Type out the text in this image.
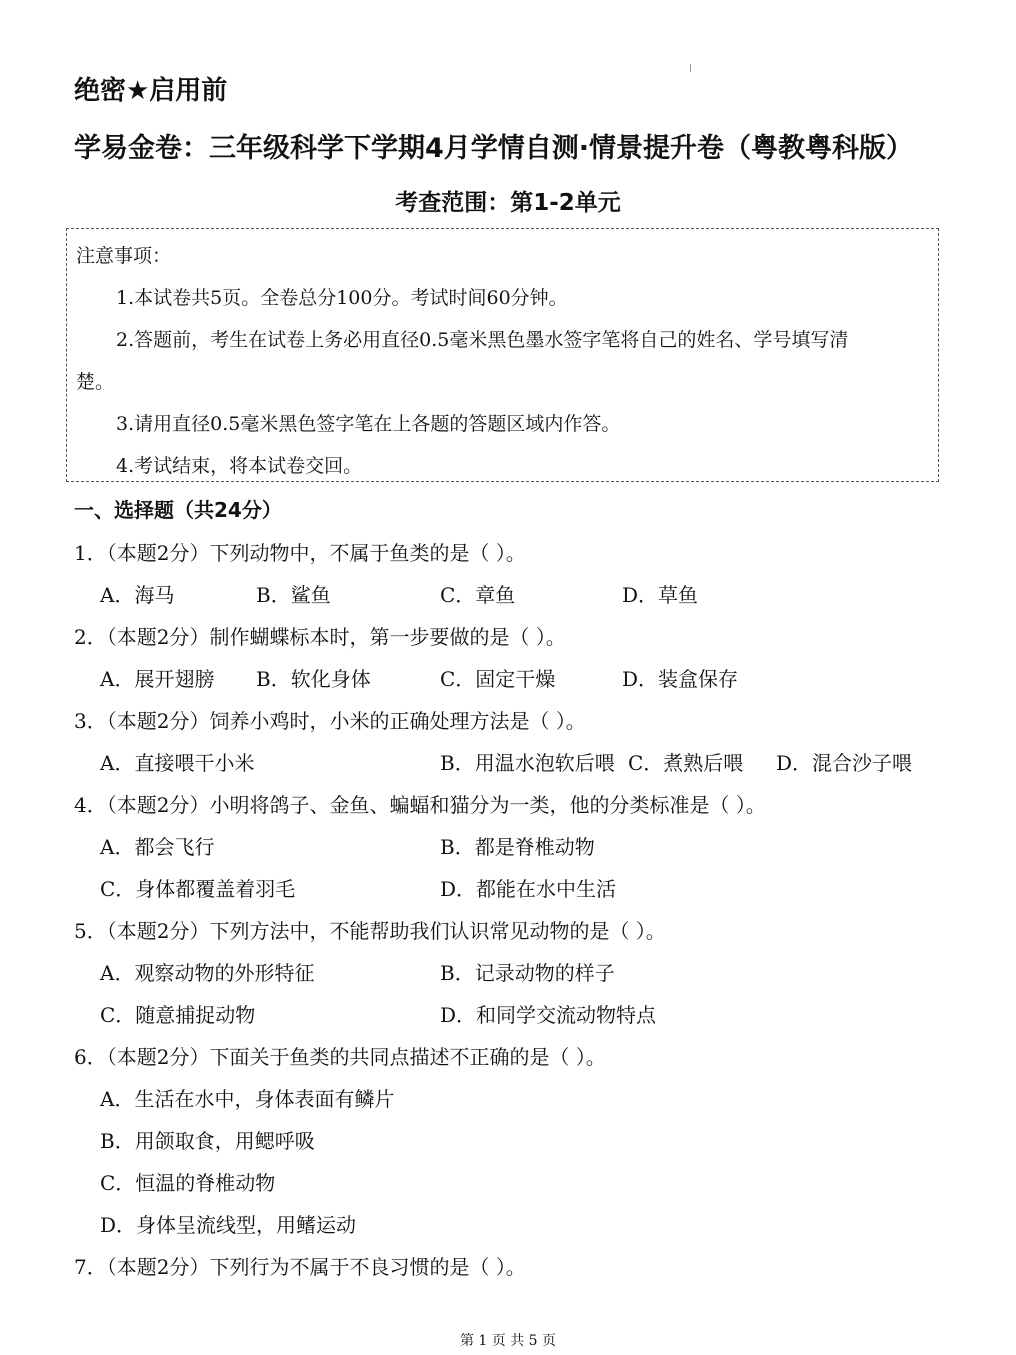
绝密★启用前
学易金卷：三年级科学下学期4月学情自测·情景提升卷（粤教粤科版）
考查范围：第1-2单元
注意事项：
1.本试卷共5页。全卷总分100分。考试时间60分钟。
2.答题前，考生在试卷上务必用直径0.5毫米黑色墨水签字笔将自己的姓名、学号填写清
楚。
3.请用直径0.5毫米黑色签字笔在上各题的答题区域内作答。
4.考试结束，将本试卷交回。
一、选择题（共24分）
1．（本题2分）下列动物中，不属于鱼类的是（ ）。
A．海马	B．鲨鱼	C．章鱼	D．草鱼
2．（本题2分）制作蝴蝶标本时，第一步要做的是（ ）。
A．展开翅膀 B．软化身体	C．固定干燥	D．装盒保存
3．（本题2分）饲养小鸡时，小米的正确处理方法是（ ）。
A．直接喂干小米	B．用温水泡软后喂 C．煮熟后喂 D．混合沙子喂
4．（本题2分）小明将鸽子、金鱼、蝙蝠和猫分为一类，他的分类标准是（ ）。
A．都会飞行	B．都是脊椎动物
C．身体都覆盖着羽毛	D．都能在水中生活
5．（本题2分）下列方法中，不能帮助我们认识常见动物的是（ ）。
A．观察动物的外形特征	B．记录动物的样子
C．随意捕捉动物	D．和同学交流动物特点
6．（本题2分）下面关于鱼类的共同点描述不正确的是（ ）。
A．生活在水中，身体表面有鳞片
B．用颌取食，用鳃呼吸
C．恒温的脊椎动物
D．身体呈流线型，用鳍运动
7．（本题2分）下列行为不属于不良习惯的是（ ）。
第 1 页 共 5 页
